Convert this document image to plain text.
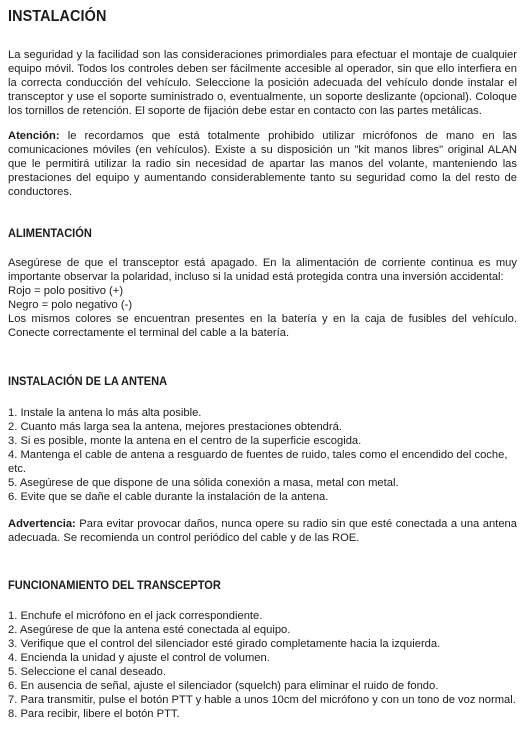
INSTALACIÓN

La seguridad y la facilidad son las consideraciones primordiales para efectuar el montaje de cualquier equipo móvil. Todos los controles deben ser fácilmente accesible al operador, sin que ello interfiera en la correcta conducción del vehículo. Seleccione la posición adecuada del vehículo donde instalar el transceptor y use el soporte suministrado o, eventualmente, un soporte deslizante (opcional). Coloque los tornillos de retención. El soporte de fijación debe estar en contacto con las partes metálicas.

Atención: le recordamos que está totalmente prohibido utilizar micrófonos de mano en las comunicaciones móviles (en vehículos). Existe a su disposición un "kit manos libres" original ALAN que le permitirá utilizar la radio sin necesidad de apartar las manos del volante, manteniendo las prestaciones del equipo y aumentando considerablemente tanto su seguridad como la del resto de conductores.

ALIMENTACIÓN

Asegúrese de que el transceptor está apagado. En la alimentación de corriente continua es muy importante observar la polaridad, incluso si la unidad está protegida contra una inversión accidental:

Rojo = polo positivo (+)

Negro = polo negativo (-)

Los mismos colores se encuentran presentes en la batería y en la caja de fusibles del vehículo. Conecte correctamente el terminal del cable a la batería.

INSTALACIÓN DE LA ANTENA
1. Instale la antena lo más alta posible.
2. Cuanto más larga sea la antena, mejores prestaciones obtendrá.
3. Si es posible, monte la antena en el centro de la superficie escogida.
4. Mantenga el cable de antena a resguardo de fuentes de ruido, tales como el encendido del coche, etc.
5. Asegúrese de que dispone de una sólida conexión a masa, metal con metal.
6. Evite que se dañe el cable durante la instalación de la antena.

Advertencia: Para evitar provocar daños, nunca opere su radio sin que esté conectada a una antena adecuada. Se recomienda un control periódico del cable y de las ROE.

FUNCIONAMIENTO DEL TRANSCEPTOR
1. Enchufe el micrófono en el jack correspondiente.
2. Asegúrese de que la antena esté conectada al equipo.
3. Verifique que el control del silenciador esté girado completamente hacia la izquierda.
4. Encienda la unidad y ajuste el control de volumen.
5. Seleccione el canal deseado.
6. En ausencia de señal, ajuste el silenciador (squelch) para eliminar el ruido de fondo.
7. Para transmitir, pulse el botón PTT y hable a unos 10cm del micrófono y con un tono de voz normal.
8. Para recibir, libere el botón PTT.
